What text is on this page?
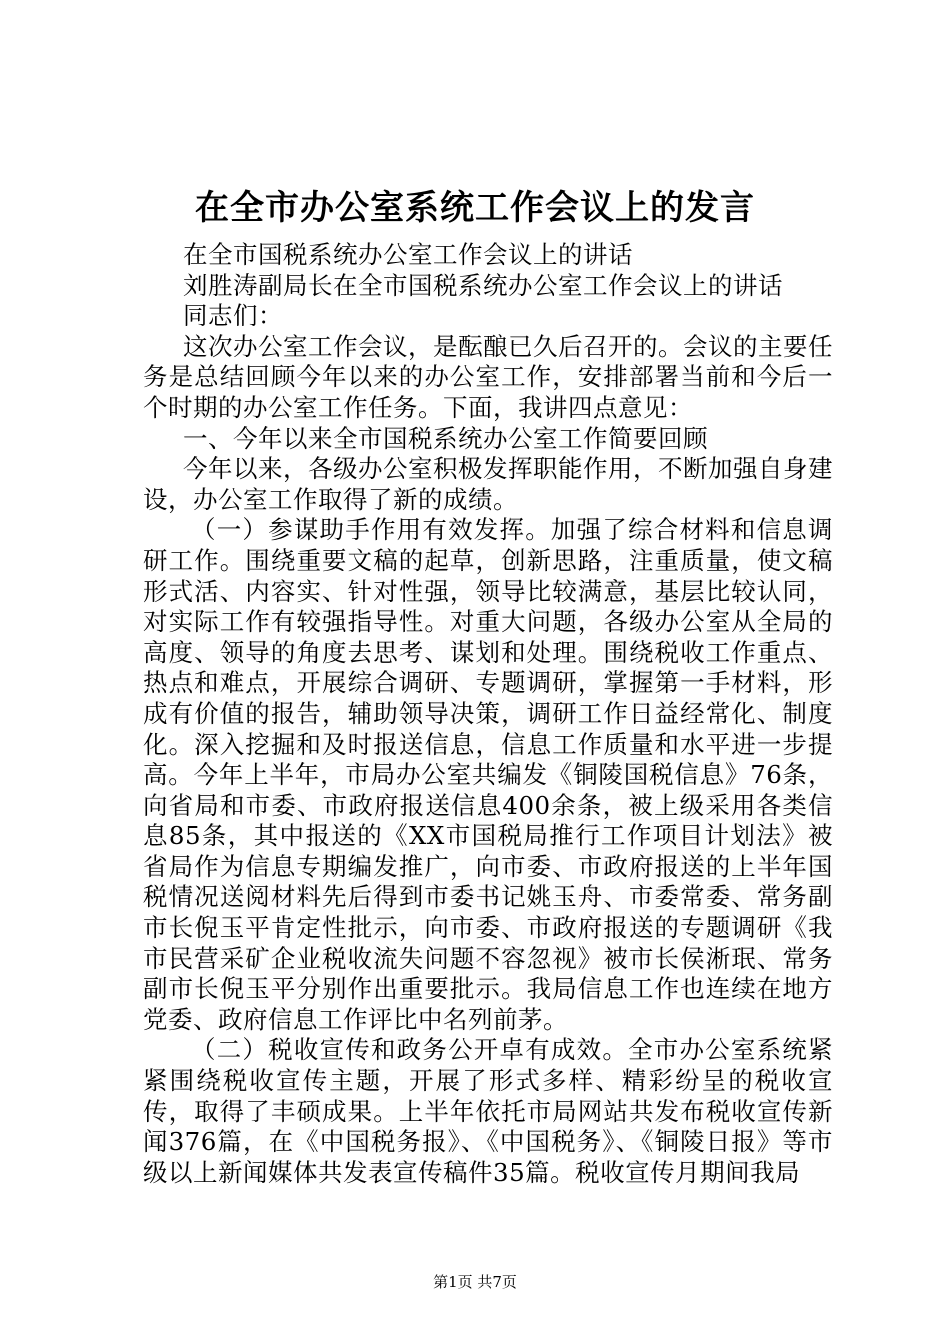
在全市办公室系统工作会议上的发言

在全市国税系统办公室工作会议上的讲话

刘胜涛副局长在全市国税系统办公室工作会议上的讲话

同志们：

这次办公室工作会议，是酝酿已久后召开的。会议的主要任务是总结回顾今年以来的办公室工作，安排部署当前和今后一个时期的办公室工作任务。下面，我讲四点意见：

一、今年以来全市国税系统办公室工作简要回顾

今年以来，各级办公室积极发挥职能作用，不断加强自身建设，办公室工作取得了新的成绩。

（一）参谋助手作用有效发挥。加强了综合材料和信息调研工作。围绕重要文稿的起草，创新思路，注重质量，使文稿形式活、内容实、针对性强，领导比较满意，基层比较认同，对实际工作有较强指导性。对重大问题，各级办公室从全局的高度、领导的角度去思考、谋划和处理。围绕税收工作重点、热点和难点，开展综合调研、专题调研，掌握第一手材料，形成有价值的报告，辅助领导决策，调研工作日益经常化、制度化。深入挖掘和及时报送信息，信息工作质量和水平进一步提高。今年上半年，市局办公室共编发《铜陵国税信息》76条，向省局和市委、市政府报送信息400余条，被上级采用各类信息85条，其中报送的《XX市国税局推行工作项目计划法》被省局作为信息专期编发推广，向市委、市政府报送的上半年国税情况送阅材料先后得到市委书记姚玉舟、市委常委、常务副市长倪玉平肯定性批示，向市委、市政府报送的专题调研《我市民营采矿企业税收流失问题不容忽视》被市长侯淅珉、常务副市长倪玉平分别作出重要批示。我局信息工作也连续在地方党委、政府信息工作评比中名列前茅。

（二）税收宣传和政务公开卓有成效。全市办公室系统紧紧围绕税收宣传主题，开展了形式多样、精彩纷呈的税收宣传，取得了丰硕成果。上半年依托市局网站共发布税收宣传新闻376篇，在《中国税务报》、《中国税务》、《铜陵日报》等市级以上新闻媒体共发表宣传稿件35篇。税收宣传月期间我局

第1页 共7页
